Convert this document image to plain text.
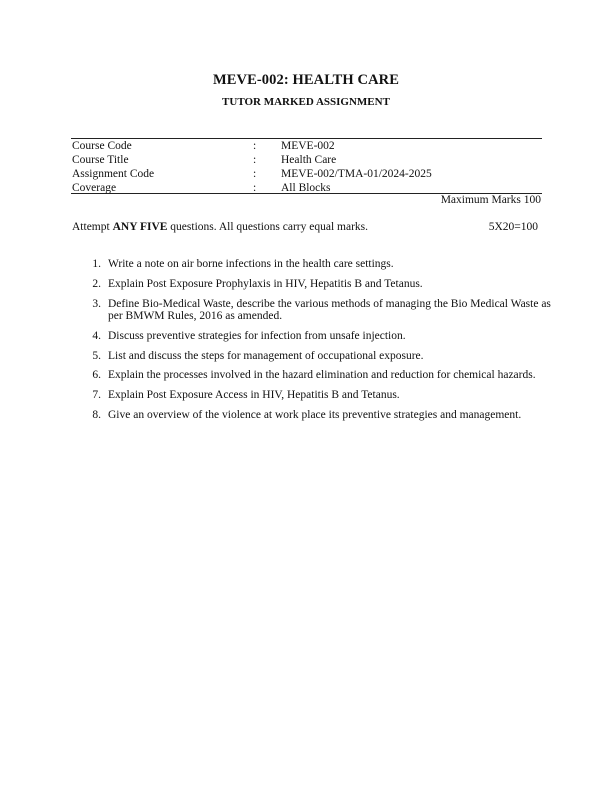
MEVE-002: HEALTH CARE
TUTOR MARKED ASSIGNMENT
Course Code	: MEVE-002
Course Title	: Health Care
Assignment Code	: MEVE-002/TMA-01/2024-2025
Coverage	: All Blocks
Maximum Marks 100
Attempt ANY FIVE questions. All questions carry equal marks.	5X20=100
1. Write a note on air borne infections in the health care settings.
2. Explain Post Exposure Prophylaxis in HIV, Hepatitis B and Tetanus.
3. Define Bio-Medical Waste, describe the various methods of managing the Bio Medical Waste as per BMWM Rules, 2016 as amended.
4. Discuss preventive strategies for infection from unsafe injection.
5. List and discuss the steps for management of occupational exposure.
6. Explain the processes involved in the hazard elimination and reduction for chemical hazards.
7. Explain Post Exposure Access in HIV, Hepatitis B and Tetanus.
8. Give an overview of the violence at work place its preventive strategies and management.
